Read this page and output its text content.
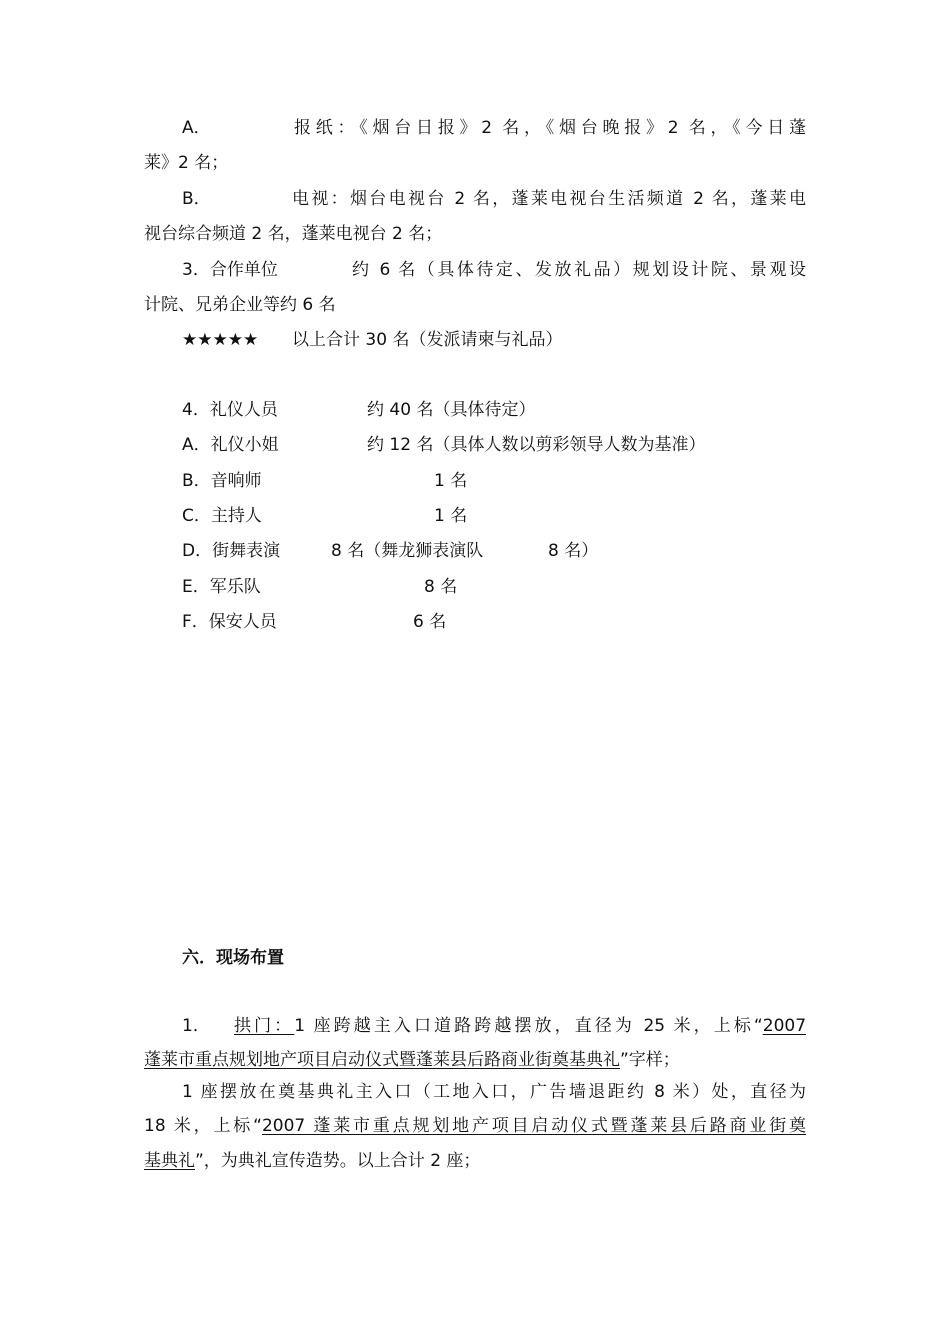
A．	报纸：《烟台日报》2 名，《烟台晚报》2 名，《今日蓬
莱》2 名；
B．	电视：烟台电视台 2 名，蓬莱电视台生活频道 2 名，蓬莱电
视台综合频道 2 名，蓬莱电视台 2 名；
3．合作单位	约 6 名（具体待定、发放礼品）规划设计院、景观设
计院、兄弟企业等约 6 名
★★★★★ 以上合计 30 名（发派请柬与礼品）
4．礼仪人员	约 40 名（具体待定）
A．礼仪小姐	约 12 名（具体人数以剪彩领导人数为基准）
B．音响师	1 名
C．主持人	1 名
D．街舞表演	8 名（舞龙狮表演队	8 名）
E．军乐队	8 名
F．保安人员	6 名
六．现场布置
1． 拱门：1 座跨越主入口道路跨越摆放，直径为 25 米，上标“2007
蓬莱市重点规划地产项目启动仪式暨蓬莱县后路商业街奠基典礼”字样；
1 座摆放在奠基典礼主入口（工地入口，广告墙退距约 8 米）处，直径为
18 米，上标“2007 蓬莱市重点规划地产项目启动仪式暨蓬莱县后路商业街奠
基典礼”，为典礼宣传造势。以上合计 2 座；
